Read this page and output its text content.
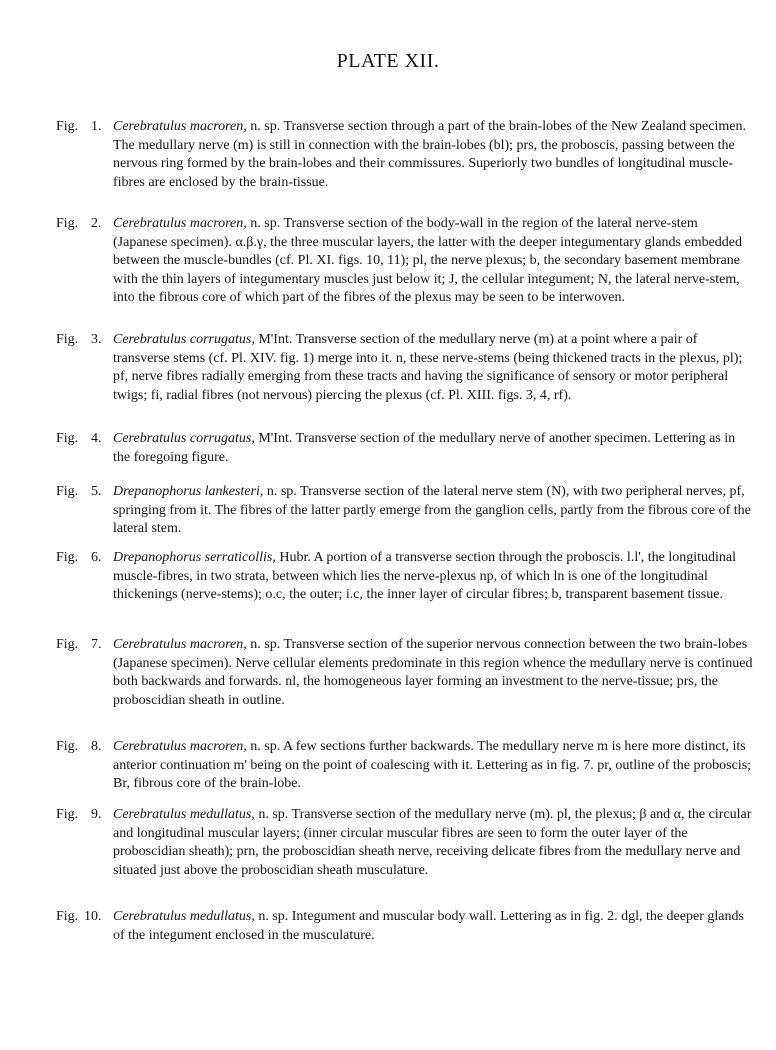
PLATE XII.
Fig. 1. Cerebratulus macroren, n. sp. Transverse section through a part of the brain-lobes of the New Zealand specimen. The medullary nerve (m) is still in connection with the brain-lobes (bl); prs, the proboscis, passing between the nervous ring formed by the brain-lobes and their commissures. Superiorly two bundles of longitudinal muscle-fibres are enclosed by the brain-tissue.
Fig. 2. Cerebratulus macroren, n. sp. Transverse section of the body-wall in the region of the lateral nerve-stem (Japanese specimen). α.β.γ, the three muscular layers, the latter with the deeper integumentary glands embedded between the muscle-bundles (cf. Pl. XI. figs. 10, 11); pl, the nerve plexus; b, the secondary basement membrane with the thin layers of integumentary muscles just below it; J, the cellular integument; N, the lateral nerve-stem, into the fibrous core of which part of the fibres of the plexus may be seen to be interwoven.
Fig. 3. Cerebratulus corrugatus, M'Int. Transverse section of the medullary nerve (m) at a point where a pair of transverse stems (cf. Pl. XIV. fig. 1) merge into it. n, these nerve-stems (being thickened tracts in the plexus, pl); pf, nerve fibres radially emerging from these tracts and having the significance of sensory or motor peripheral twigs; fi, radial fibres (not nervous) piercing the plexus (cf. Pl. XIII. figs. 3, 4, rf).
Fig. 4. Cerebratulus corrugatus, M'Int. Transverse section of the medullary nerve of another specimen. Lettering as in the foregoing figure.
Fig. 5. Drepanophorus lankesteri, n. sp. Transverse section of the lateral nerve stem (N), with two peripheral nerves, pf, springing from it. The fibres of the latter partly emerge from the ganglion cells, partly from the fibrous core of the lateral stem.
Fig. 6. Drepanophorus serraticollis, Hubr. A portion of a transverse section through the proboscis. l.l', the longitudinal muscle-fibres, in two strata, between which lies the nerve-plexus np, of which ln is one of the longitudinal thickenings (nerve-stems); o.c, the outer; i.c, the inner layer of circular fibres; b, transparent basement tissue.
Fig. 7. Cerebratulus macroren, n. sp. Transverse section of the superior nervous connection between the two brain-lobes (Japanese specimen). Nerve cellular elements predominate in this region whence the medullary nerve is continued both backwards and forwards. nl, the homogeneous layer forming an investment to the nerve-tissue; prs, the proboscidian sheath in outline.
Fig. 8. Cerebratulus macroren, n. sp. A few sections further backwards. The medullary nerve m is here more distinct, its anterior continuation m' being on the point of coalescing with it. Lettering as in fig. 7. pr, outline of the proboscis; Br, fibrous core of the brain-lobe.
Fig. 9. Cerebratulus medullatus, n. sp. Transverse section of the medullary nerve (m). pl, the plexus; β and α, the circular and longitudinal muscular layers; (inner circular muscular fibres are seen to form the outer layer of the proboscidian sheath); prn, the proboscidian sheath nerve, receiving delicate fibres from the medullary nerve and situated just above the proboscidian sheath musculature.
Fig. 10. Cerebratulus medullatus, n. sp. Integument and muscular body wall. Lettering as in fig. 2. dgl, the deeper glands of the integument enclosed in the musculature.
